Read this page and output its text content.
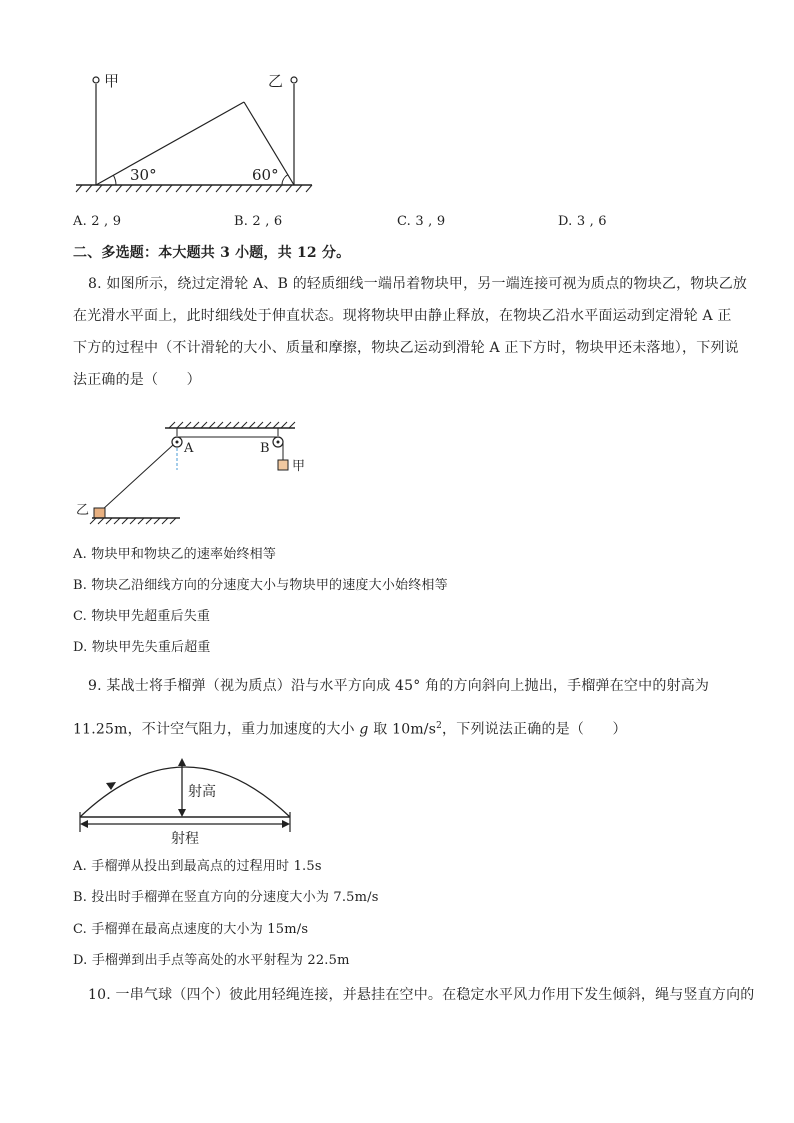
甲	乙
30°	60°
A. 2 , 9	B. 2 , 6	C. 3 , 9	D. 3 , 6
二、多选题：本大题共 3 小题，共 12 分。
8. 如图所示，绕过定滑轮 A、B 的轻质细线一端吊着物块甲，另一端连接可视为质点的物块乙，物块乙放
在光滑水平面上，此时细线处于伸直状态。现将物块甲由静止释放，在物块乙沿水平面运动到定滑轮 A 正
下方的过程中（不计滑轮的大小、质量和摩擦，物块乙运动到滑轮 A 正下方时，物块甲还未落地），下列说
法正确的是（　　）
A	B
甲
乙
A. 物块甲和物块乙的速率始终相等
B. 物块乙沿细线方向的分速度大小与物块甲的速度大小始终相等
C. 物块甲先超重后失重
D. 物块甲先失重后超重
9. 某战士将手榴弹（视为质点）沿与水平方向成 45° 角的方向斜向上抛出，手榴弹在空中的射高为
11.25m，不计空气阻力，重力加速度的大小 g 取 $10m/s^2$，下列说法正确的是（　　）
射高
射程
A. 手榴弹从投出到最高点的过程用时 1.5s
B. 投出时手榴弹在竖直方向的分速度大小为 7.5m/s
C. 手榴弹在最高点速度的大小为 15m/s
D. 手榴弹到出手点等高处的水平射程为 22.5m
10. 一串气球（四个）彼此用轻绳连接，并悬挂在空中。在稳定水平风力作用下发生倾斜，绳与竖直方向的
